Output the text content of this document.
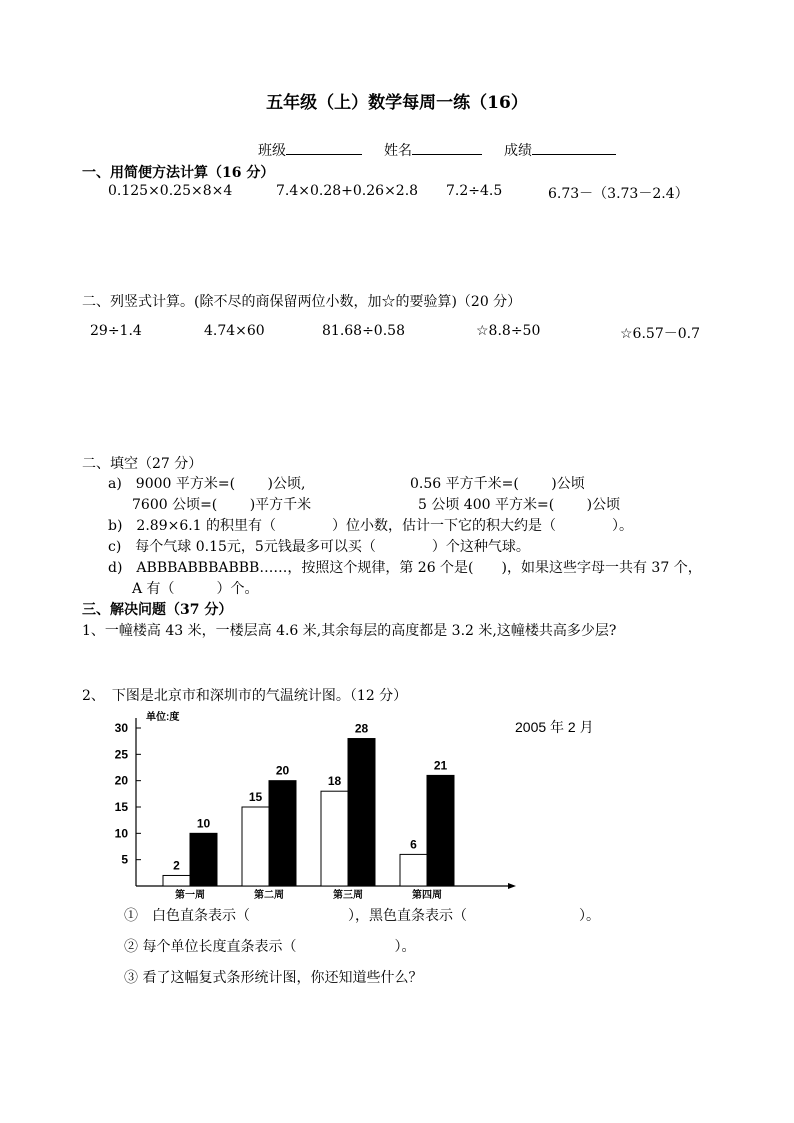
五年级（上）数学每周一练（16）
班级	姓名	成绩
一、用简便方法计算（16 分）
0.125×0.25×8×4	7.4×0.28+0.26×2.8 7.2÷4.5	6.73－（3.73－2.4）
二、列竖式计算。(除不尽的商保留两位小数，加☆的要验算)（20 分）
29÷1.4	4.74×60	81.68÷0.58	☆8.8÷50	☆6.57－0.7
二、填空（27 分）
a)　9000 平方米=(　　 )公顷,	0.56 平方千米=(　　 )公顷
7600 公顷=(　　 )平方千米	5 公顷 400 平方米=(　　 )公顷
b)　2.89×6.1 的积里有（　　　　）位小数，估计一下它的积大约是（　　　　）。
c)　每个气球 0.15元，5元钱最多可以买（　　　　）个这种气球。
d)　ABBBABBBABBB……，按照这个规律，第 26 个是(　　)，如果这些字母一共有 37 个，
A 有（　　　）个。
三、解决问题（37 分）
1、一幢楼高 43 米，一楼层高 4.6 米,其余每层的高度都是 3.2 米,这幢楼共高多少层?
2、　下图是北京市和深圳市的气温统计图。（12 分）
单位:度
5
10
15
20
25
30
2
10
第一周
15
20
第二周
18
28
第三周
6
21
第四周
2005 年 2 月
①　白色直条表示（　　　　　　　），黑色直条表示（　　　　　　　　）。
② 每个单位长度直条表示（　　　　　　　）。
③ 看了这幅复式条形统计图，你还知道些什么？
